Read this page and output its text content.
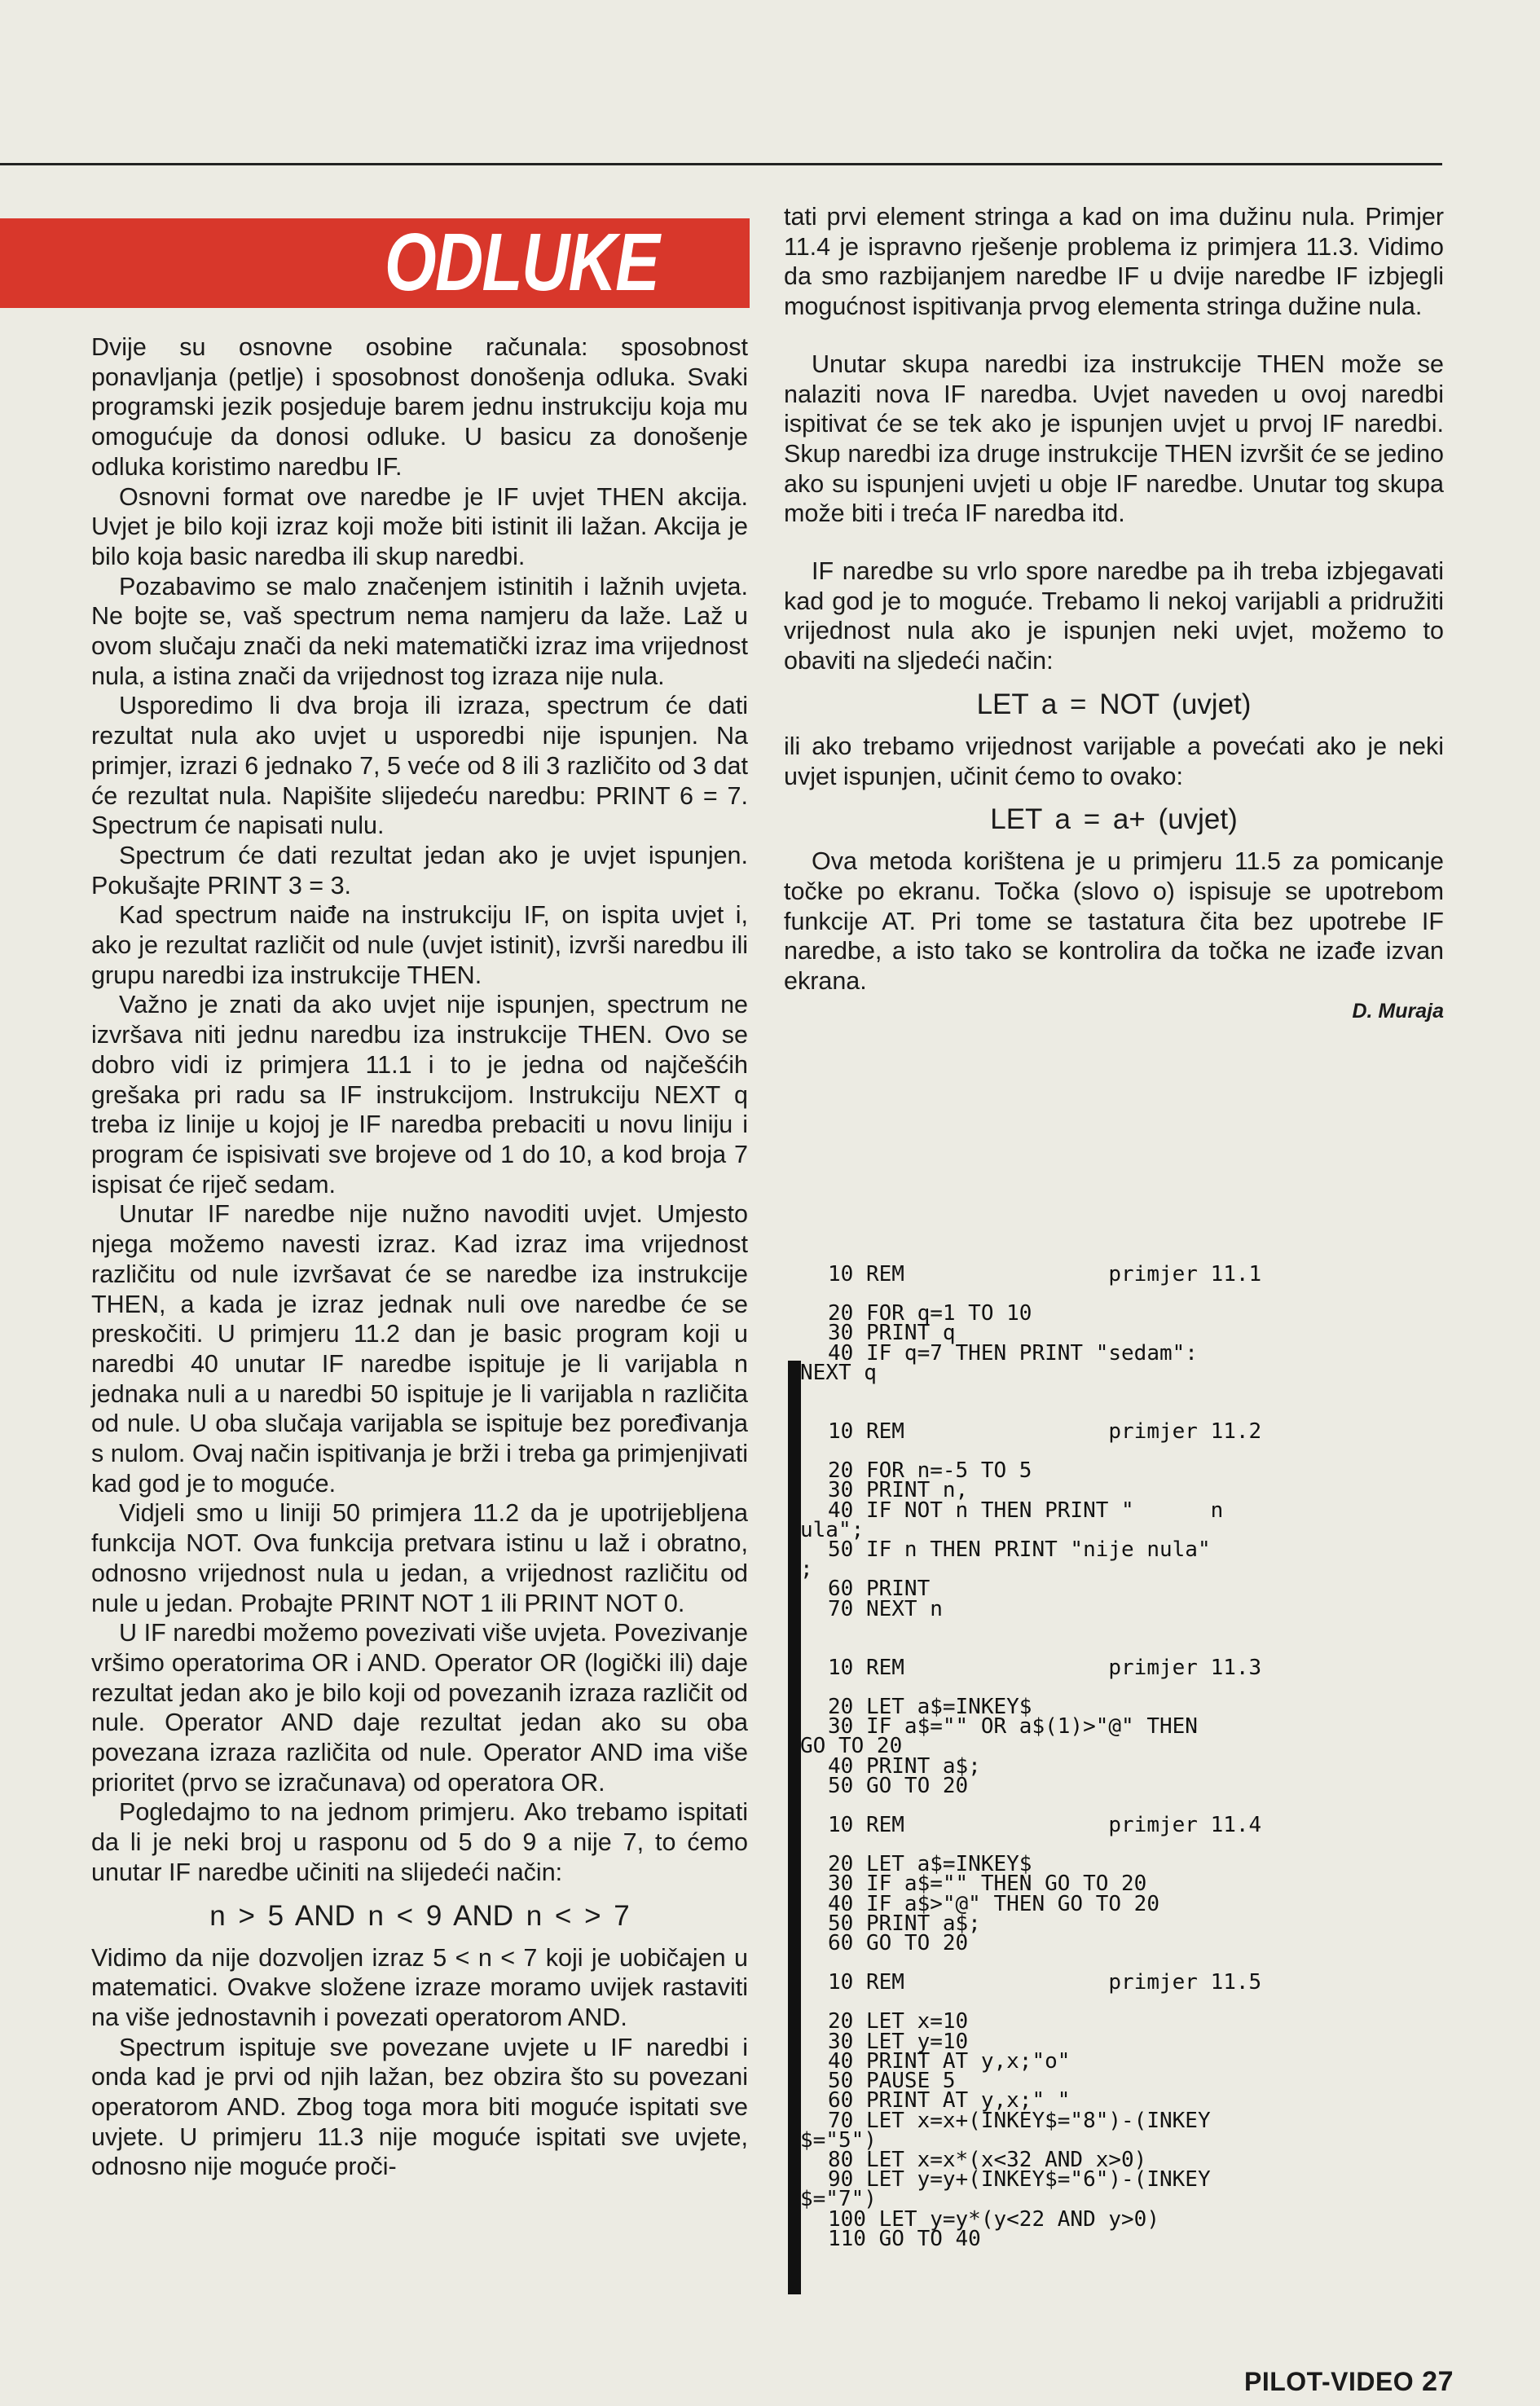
ODLUKE

Dvije su osnovne osobine računala: sposobnost ponavljanja (petlje) i sposobnost donošenja odluka. Svaki programski jezik posjeduje barem jednu instrukciju koja mu omogućuje da donosi odluke. U basicu za donošenje odluka koristimo naredbu IF.

Osnovni format ove naredbe je IF uvjet THEN akcija. Uvjet je bilo koji izraz koji može biti istinit ili lažan. Akcija je bilo koja basic naredba ili skup naredbi.

Pozabavimo se malo značenjem istinitih i lažnih uvjeta. Ne bojte se, vaš spectrum nema namjeru da laže. Laž u ovom slučaju znači da neki matematički izraz ima vrijednost nula, a istina znači da vrijednost tog izraza nije nula.

Usporedimo li dva broja ili izraza, spectrum će dati rezultat nula ako uvjet u usporedbi nije ispunjen. Na primjer, izrazi 6 jednako 7, 5 veće od 8 ili 3 različito od 3 dat će rezultat nula. Napišite slijedeću naredbu: PRINT 6 = 7. Spectrum će napisati nulu.

Spectrum će dati rezultat jedan ako je uvjet ispunjen. Pokušajte PRINT 3 = 3.

Kad spectrum naiđe na instrukciju IF, on ispita uvjet i, ako je rezultat različit od nule (uvjet istinit), izvrši naredbu ili grupu naredbi iza instrukcije THEN.

Važno je znati da ako uvjet nije ispunjen, spectrum ne izvršava niti jednu naredbu iza instrukcije THEN. Ovo se dobro vidi iz primjera 11.1 i to je jedna od najčešćih grešaka pri radu sa IF instrukcijom. Instrukciju NEXT q treba iz linije u kojoj je IF naredba prebaciti u novu liniju i program će ispisivati sve brojeve od 1 do 10, a kod broja 7 ispisat će riječ sedam.

Unutar IF naredbe nije nužno navoditi uvjet. Umjesto njega možemo navesti izraz. Kad izraz ima vrijednost različitu od nule izvršavat će se naredbe iza instrukcije THEN, a kada je izraz jednak nuli ove naredbe će se preskočiti. U primjeru 11.2 dan je basic program koji u naredbi 40 unutar IF naredbe ispituje je li varijabla n jednaka nuli a u naredbi 50 ispituje je li varijabla n različita od nule. U oba slučaja varijabla se ispituje bez poređivanja s nulom. Ovaj način ispitivanja je brži i treba ga primjenjivati kad god je to moguće.

Vidjeli smo u liniji 50 primjera 11.2 da je upotrijebljena funkcija NOT. Ova funkcija pretvara istinu u laž i obratno, odnosno vrijednost nula u jedan, a vrijednost različitu od nule u jedan. Probajte PRINT NOT 1 ili PRINT NOT 0.

U IF naredbi možemo povezivati više uvjeta. Povezivanje vršimo operatorima OR i AND. Operator OR (logički ili) daje rezultat jedan ako je bilo koji od povezanih izraza različit od nule. Operator AND daje rezultat jedan ako su oba povezana izraza različita od nule. Operator AND ima više prioritet (prvo se izračunava) od operatora OR.

Pogledajmo to na jednom primjeru. Ako trebamo ispitati da li je neki broj u rasponu od 5 do 9 a nije 7, to ćemo unutar IF naredbe učiniti na slijedeći način:

n > 5 AND n < 9 AND n < > 7

Vidimo da nije dozvoljen izraz 5 < n < 7 koji je uobičajen u matematici. Ovakve složene izraze moramo uvijek rastaviti na više jednostavnih i povezati operatorom AND.

Spectrum ispituje sve povezane uvjete u IF naredbi i onda kad je prvi od njih lažan, bez obzira što su povezani operatorom AND. Zbog toga mora biti moguće ispitati sve uvjete. U primjeru 11.3 nije moguće ispitati sve uvjete, odnosno nije moguće proči-

tati prvi element stringa a kad on ima dužinu nula. Primjer 11.4 je ispravno rješenje problema iz primjera 11.3. Vidimo da smo razbijanjem naredbe IF u dvije naredbe IF izbjegli mogućnost ispitivanja prvog elementa stringa dužine nula.

Unutar skupa naredbi iza instrukcije THEN može se nalaziti nova IF naredba. Uvjet naveden u ovoj naredbi ispitivat će se tek ako je ispunjen uvjet u prvoj IF naredbi. Skup naredbi iza druge instrukcije THEN izvršit će se jedino ako su ispunjeni uvjeti u obje IF naredbe. Unutar tog skupa može biti i treća IF naredba itd.

IF naredbe su vrlo spore naredbe pa ih treba izbjegavati kad god je to moguće. Trebamo li nekoj varijabli a pridružiti vrijednost nula ako je ispunjen neki uvjet, možemo to obaviti na sljedeći način:

LET a = NOT (uvjet)

ili ako trebamo vrijednost varijable a povećati ako je neki uvjet ispunjen, učinit ćemo to ovako:

LET a = a+ (uvjet)

Ova metoda korištena je u primjeru 11.5 za pomicanje točke po ekranu. Točka (slovo o) ispisuje se upotrebom funkcije AT. Pri tome se tastatura čita bez upotrebe IF naredbe, a isto tako se kontrolira da točka ne izađe izvan ekrana.

D. Muraja
10 REM                primjer 11.1
20 FOR q=1 TO 10
30 PRINT q
40 IF q=7 THEN PRINT "sedam":
NEXT q
10 REM                primjer 11.2
20 FOR n=-5 TO 5
30 PRINT n,
40 IF NOT n THEN PRINT "      n
ula";
50 IF n THEN PRINT "nije nula"
;
60 PRINT
70 NEXT n
10 REM                primjer 11.3
20 LET a$=INKEY$
30 IF a$="" OR a$(1)>"@" THEN
GO TO 20
40 PRINT a$;
50 GO TO 20
10 REM                primjer 11.4
20 LET a$=INKEY$
30 IF a$="" THEN GO TO 20
40 IF a$>"@" THEN GO TO 20
50 PRINT a$;
60 GO TO 20
10 REM                primjer 11.5
20 LET x=10
30 LET y=10
40 PRINT AT y,x;"o"
50 PAUSE 5
60 PRINT AT y,x;" "
70 LET x=x+(INKEY$="8")-(INKEY
$="5")
80 LET x=x*(x<32 AND x>0)
90 LET y=y+(INKEY$="6")-(INKEY
$="7")
100 LET y=y*(y<22 AND y>0)
110 GO TO 40
PILOT-VIDEO 27
